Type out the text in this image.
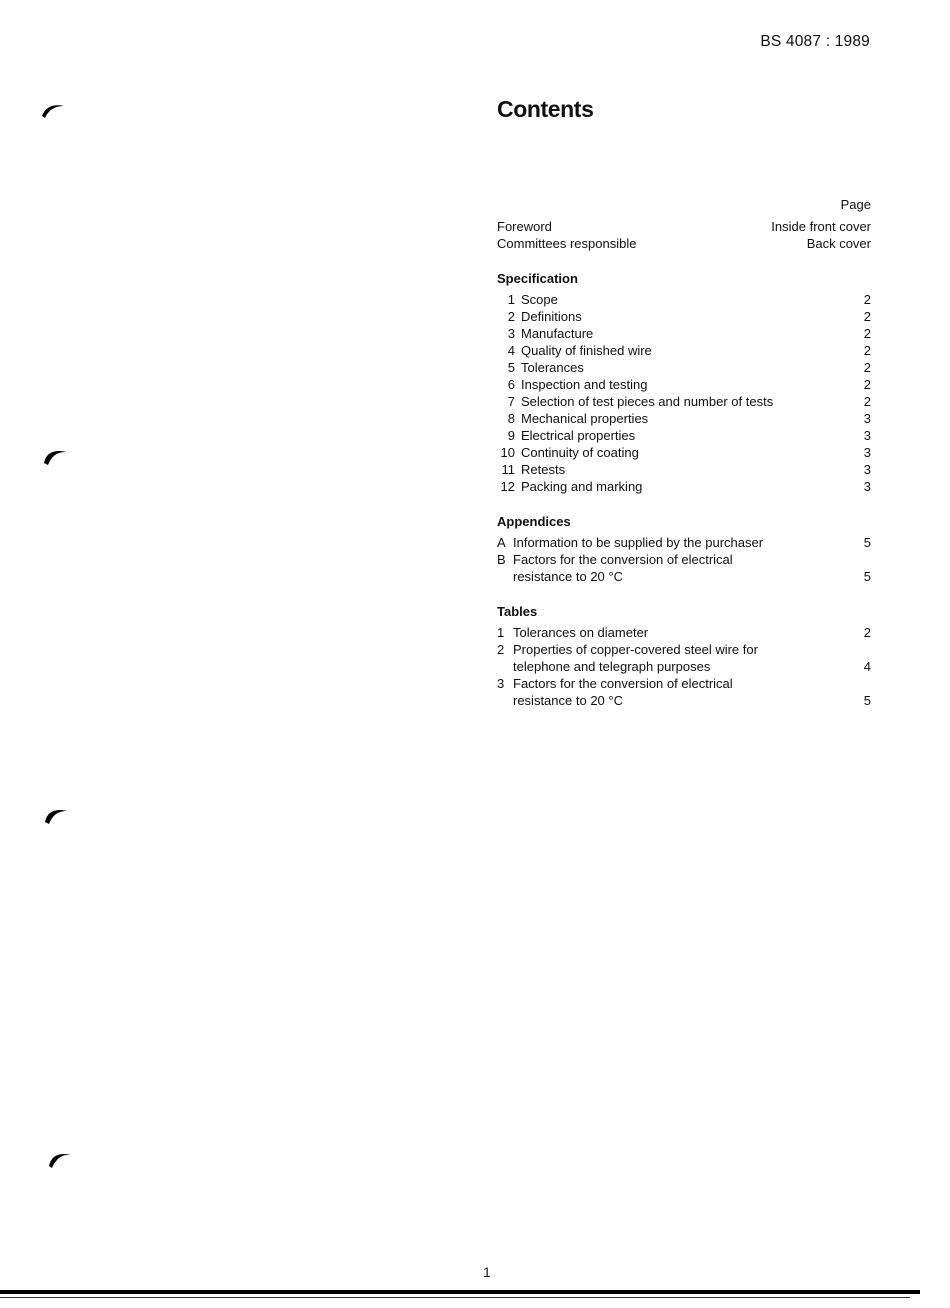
BS 4087 : 1989
Contents
Page
Foreword	Inside front cover
Committees responsible	Back cover
Specification
1 Scope	2
2 Definitions	2
3 Manufacture	2
4 Quality of finished wire	2
5 Tolerances	2
6 Inspection and testing	2
7 Selection of test pieces and number of tests	2
8 Mechanical properties	3
9 Electrical properties	3
10 Continuity of coating	3
11 Retests	3
12 Packing and marking	3
Appendices
A Information to be supplied by the purchaser	5
B Factors for the conversion of electrical
resistance to 20 °C	5
Tables
1 Tolerances on diameter	2
2 Properties of copper-covered steel wire for
telephone and telegraph purposes	4
3 Factors for the conversion of electrical
resistance to 20 °C	5
1
